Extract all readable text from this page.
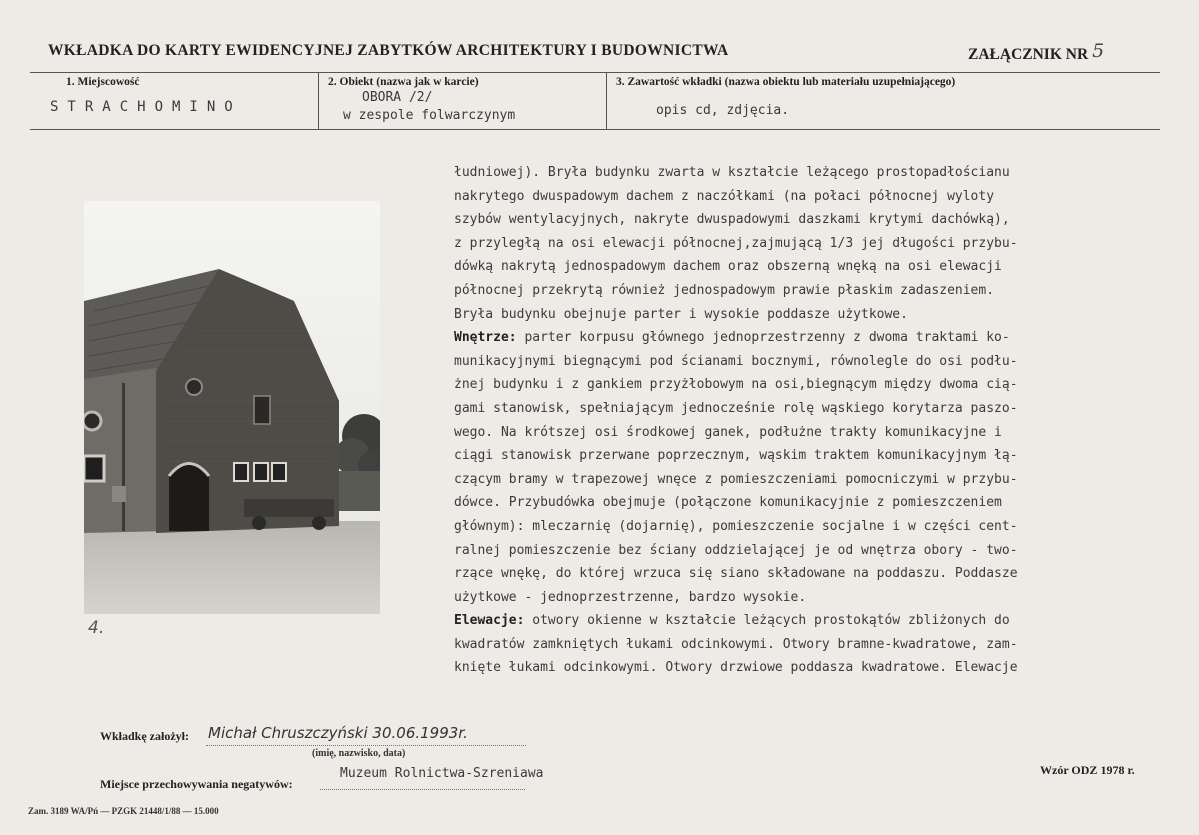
WKŁADKA DO KARTY EWIDENCYJNEJ ZABYTKÓW ARCHITEKTURY I BUDOWNICTWA	ZAŁĄCZNIK NR 5
1. Miejscowość
STRACHOMINO
2. Obiekt (nazwa jak w karcie)
OBORA /2/
w zespole folwarczynym
3. Zawartość wkładki (nazwa obiektu lub materiału uzupełniającego)
opis cd, zdjęcia.
4.
łudniowej). Bryła budynku zwarta w kształcie leżącego prostopadłościanu
nakrytego dwuspadowym dachem z naczółkami (na połaci północnej wyloty
szybów wentylacyjnych, nakryte dwuspadowymi daszkami krytymi dachówką),
z przyległą na osi elewacji północnej,zajmującą 1/3 jej długości przybu-
dówką nakrytą jednospadowym dachem oraz obszerną wnęką na osi elewacji
północnej przekrytą również jednospadowym prawie płaskim zadaszeniem.
Bryła budynku obejnuje parter i wysokie poddasze użytkowe.
Wnętrze: parter korpusu głównego jednoprzestrzenny z dwoma traktami ko-
munikacyjnymi biegnącymi pod ścianami bocznymi, równolegle do osi podłu-
żnej budynku i z gankiem przyżłobowym na osi,biegnącym między dwoma cią-
gami stanowisk, spełniającym jednocześnie rolę wąskiego korytarza paszo-
wego. Na krótszej osi środkowej ganek, podłużne trakty komunikacyjne i
ciągi stanowisk przerwane poprzecznym, wąskim traktem komunikacyjnym łą-
czącym bramy w trapezowej wnęce z pomieszczeniami pomocniczymi w przybu-
dówce. Przybudówka obejmuje (połączone komunikacyjnie z pomieszczeniem
głównym): mleczarnię (dojarnię), pomieszczenie socjalne i w części cent-
ralnej pomieszczenie bez ściany oddzielającej je od wnętrza obory - two-
rzące wnękę, do której wrzuca się siano składowane na poddaszu. Poddasze
użytkowe - jednoprzestrzenne, bardzo wysokie.
Elewacje: otwory okienne w kształcie leżących prostokątów zbliżonych do
kwadratów zamkniętych łukami odcinkowymi. Otwory bramne-kwadratowe, zam-
knięte łukami odcinkowymi. Otwory drzwiowe poddasza kwadratowe. Elewacje
Wkładkę założył: Michał Chruszczyński 30.06.1993r.
(imię, nazwisko, data)
Miejsce przechowywania negatywów:
Muzeum Rolnictwa-Szreniawa	Wzór ODZ 1978 r.
Zam. 3189 WA/Pń — PZGK 21448/1/88 — 15.000
